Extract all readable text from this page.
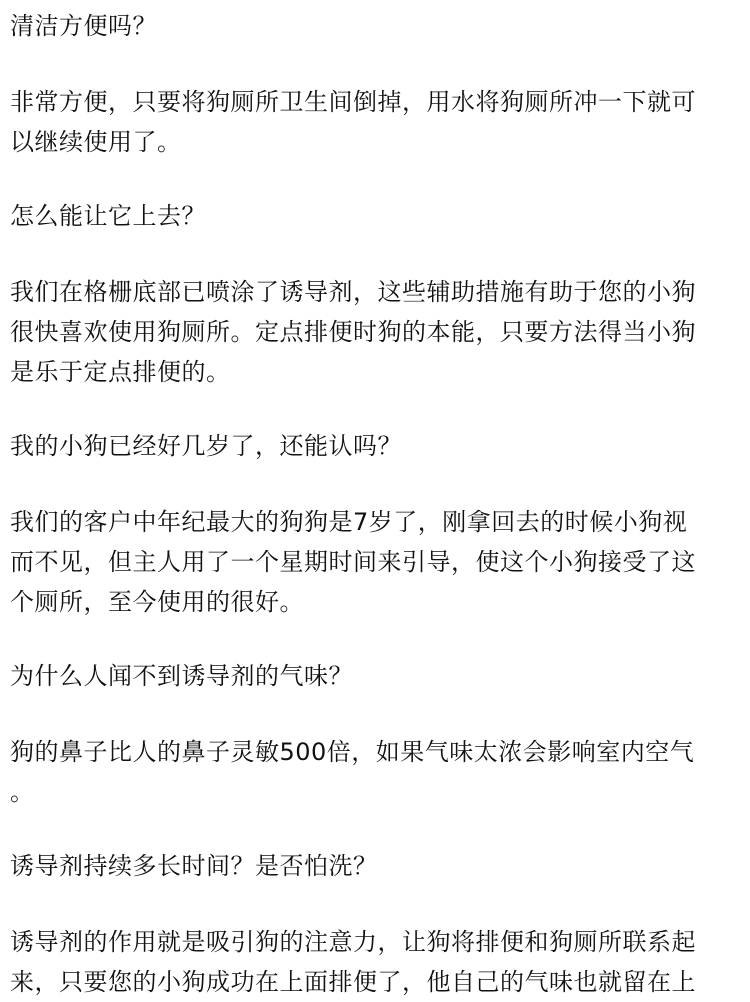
清洁方便吗？

非常方便，只要将狗厕所卫生间倒掉，用水将狗厕所冲一下就可

以继续使用了。

怎么能让它上去？

我们在格栅底部已喷涂了诱导剂，这些辅助措施有助于您的小狗

很快喜欢使用狗厕所。定点排便时狗的本能，只要方法得当小狗

是乐于定点排便的。

我的小狗已经好几岁了，还能认吗？

我们的客户中年纪最大的狗狗是7岁了，刚拿回去的时候小狗视

而不见，但主人用了一个星期时间来引导，使这个小狗接受了这

个厕所，至今使用的很好。

为什么人闻不到诱导剂的气味？

狗的鼻子比人的鼻子灵敏500倍，如果气味太浓会影响室内空气

。

诱导剂持续多长时间？是否怕洗？

诱导剂的作用就是吸引狗的注意力，让狗将排便和狗厕所联系起

来，只要您的小狗成功在上面排便了，他自己的气味也就留在上
